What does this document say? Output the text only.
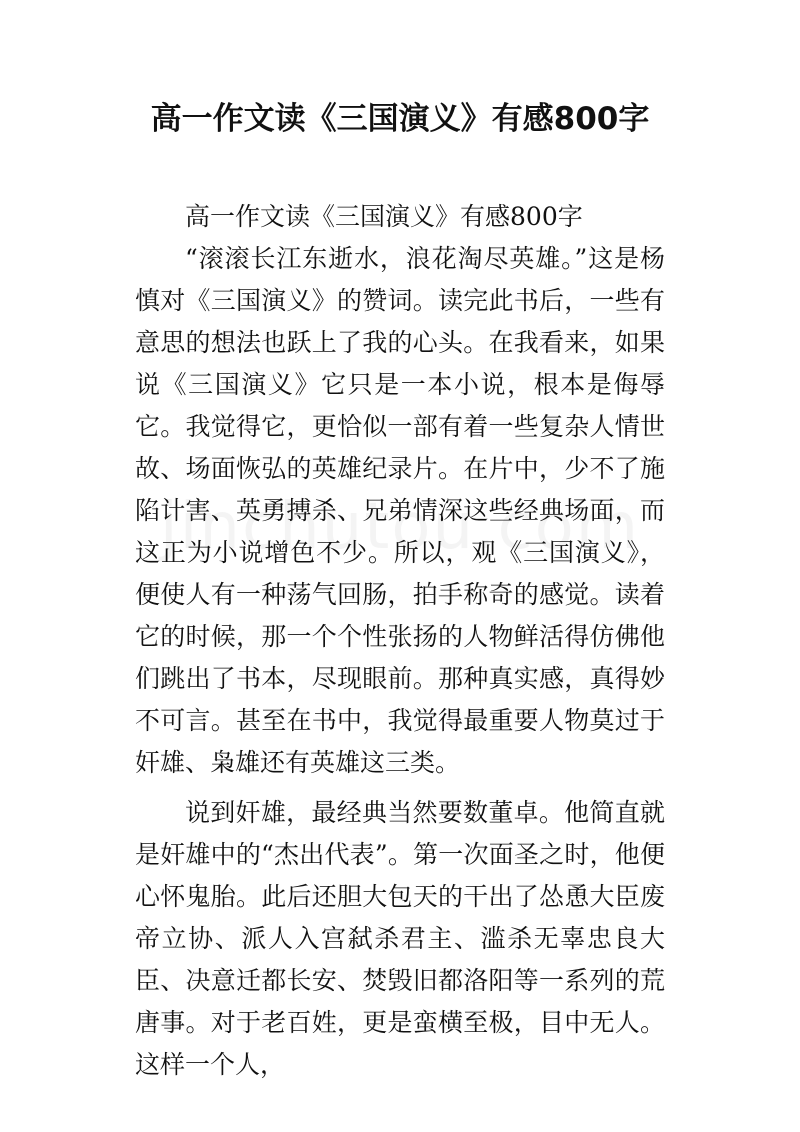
高一作文读《三国演义》有感800字

高一作文读《三国演义》有感800字

“滚滚长江东逝水，浪花淘尽英雄。”这是杨慎对《三国演义》的赞词。读完此书后，一些有意思的想法也跃上了我的心头。在我看来，如果说《三国演义》它只是一本小说，根本是侮辱它。我觉得它，更恰似一部有着一些复杂人情世故、场面恢弘的英雄纪录片。在片中，少不了施陷计害、英勇搏杀、兄弟情深这些经典场面，而这正为小说增色不少。所以，观《三国演义》，便使人有一种荡气回肠，拍手称奇的感觉。读着它的时候，那一个个性张扬的人物鲜活得仿佛他们跳出了书本，尽现眼前。那种真实感，真得妙不可言。甚至在书中，我觉得最重要人物莫过于奸雄、枭雄还有英雄这三类。

说到奸雄，最经典当然要数董卓。他简直就是奸雄中的“杰出代表”。第一次面圣之时，他便心怀鬼胎。此后还胆大包天的干出了怂恿大臣废帝立协、派人入宫弑杀君主、滥杀无辜忠良大臣、决意迁都长安、焚毁旧都洛阳等一系列的荒唐事。对于老百姓，更是蛮横至极，目中无人。这样一个人，
